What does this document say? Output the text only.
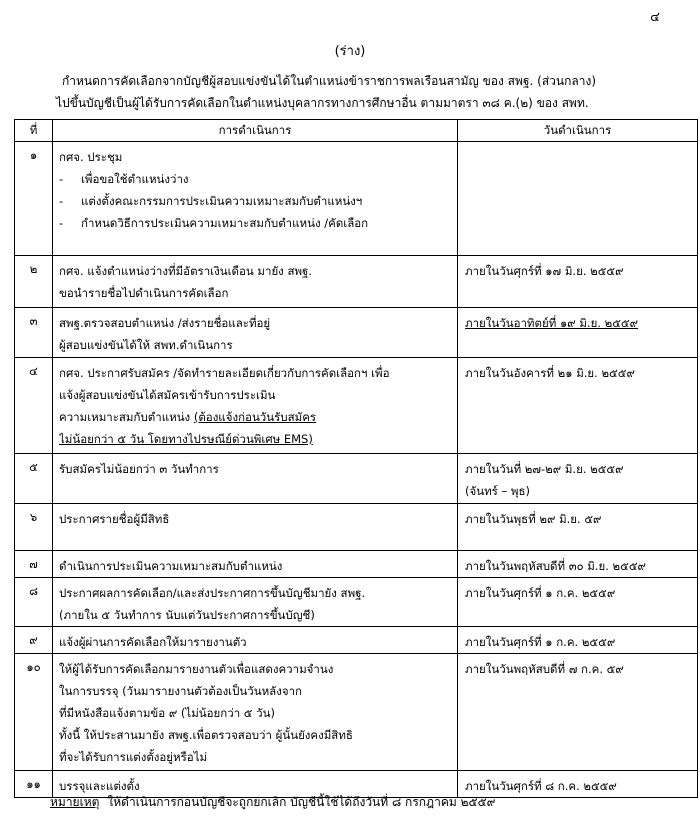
๔
(ร่าง)
กำหนดการคัดเลือกจากบัญชีผู้สอบแข่งขันได้ในตำแหน่งข้าราชการพลเรือนสามัญ ของ สพฐ. (ส่วนกลาง)
ไปขึ้นบัญชีเป็นผู้ได้รับการคัดเลือกในตำแหน่งบุคลากรทางการศึกษาอื่น ตามมาตรา ๓๘ ค.(๒) ของ สพท.
ที่	การดำเนินการ	วันดำเนินการ
๑	กศจ. ประชุม
- เพื่อขอใช้ตำแหน่งว่าง
- แต่งตั้งคณะกรรมการประเมินความเหมาะสมกับตำแหน่งฯ
- กำหนดวิธีการประเมินความเหมาะสมกับตำแหน่ง /คัดเลือก	

๒	กศจ. แจ้งตำแหน่งว่างที่มีอัตราเงินเดือน มายัง สพฐ.
ขอนำรายชื่อไปดำเนินการคัดเลือก	ภายในวันศุกร์ที่ ๑๗ มิ.ย. ๒๕๕๙

๓	สพฐ.ตรวจสอบตำแหน่ง /ส่งรายชื่อและที่อยู่
ผู้สอบแข่งขันได้ให้ สพท.ดำเนินการ	ภายในวันอาทิตย์ที่ ๑๙ มิ.ย. ๒๕๕๙

๔	กศจ. ประกาศรับสมัคร /จัดทำรายละเอียดเกี่ยวกับการคัดเลือกฯ เพื่อ
แจ้งผู้สอบแข่งขันได้สมัครเข้ารับการประเมิน
ความเหมาะสมกับตำแหน่ง (ต้องแจ้งก่อนวันรับสมัคร
ไม่น้อยกว่า ๕ วัน โดยทางไปรษณีย์ด่วนพิเศษ EMS)	ภายในวันอังคารที่ ๒๑ มิ.ย. ๒๕๕๙

๕	รับสมัครไม่น้อยกว่า ๓ วันทำการ	ภายในวันที่ ๒๗-๒๙ มิ.ย. ๒๕๕๙
(จันทร์ – พุธ)

๖	ประกาศรายชื่อผู้มีสิทธิ	ภายในวันพุธที่ ๒๙ มิ.ย. ๕๙

๗	ดำเนินการประเมินความเหมาะสมกับตำแหน่ง	ภายในวันพฤหัสบดีที่ ๓๐ มิ.ย. ๒๕๕๙

๘	ประกาศผลการคัดเลือก/และส่งประกาศการขึ้นบัญชีมายัง สพฐ.
(ภายใน ๕ วันทำการ นับแต่วันประกาศการขึ้นบัญชี)	ภายในวันศุกร์ที่ ๑ ก.ค. ๒๕๕๙

๙	แจ้งผู้ผ่านการคัดเลือกให้มารายงานตัว	ภายในวันศุกร์ที่ ๑ ก.ค. ๒๕๕๙

๑๐	ให้ผู้ได้รับการคัดเลือกมารายงานตัวเพื่อแสดงความจำนง
ในการบรรจุ (วันมารายงานตัวต้องเป็นวันหลังจาก
ที่มีหนังสือแจ้งตามข้อ ๙ (ไม่น้อยกว่า ๕ วัน)
ทั้งนี้ ให้ประสานมายัง สพฐ.เพื่อตรวจสอบว่า ผู้นั้นยังคงมีสิทธิ
ที่จะได้รับการแต่งตั้งอยู่หรือไม่	ภายในวันพฤหัสบดีที่ ๗ ก.ค. ๕๙

๑๑	บรรจุและแต่งตั้ง	ภายในวันศุกร์ที่ ๘ ก.ค. ๒๕๕๙
หมายเหตุ ให้ดำเนินการก่อนบัญชีจะถูกยกเลิก บัญชีนี้ใช้ได้ถึงวันที่ ๘ กรกฎาคม ๒๕๕๙
